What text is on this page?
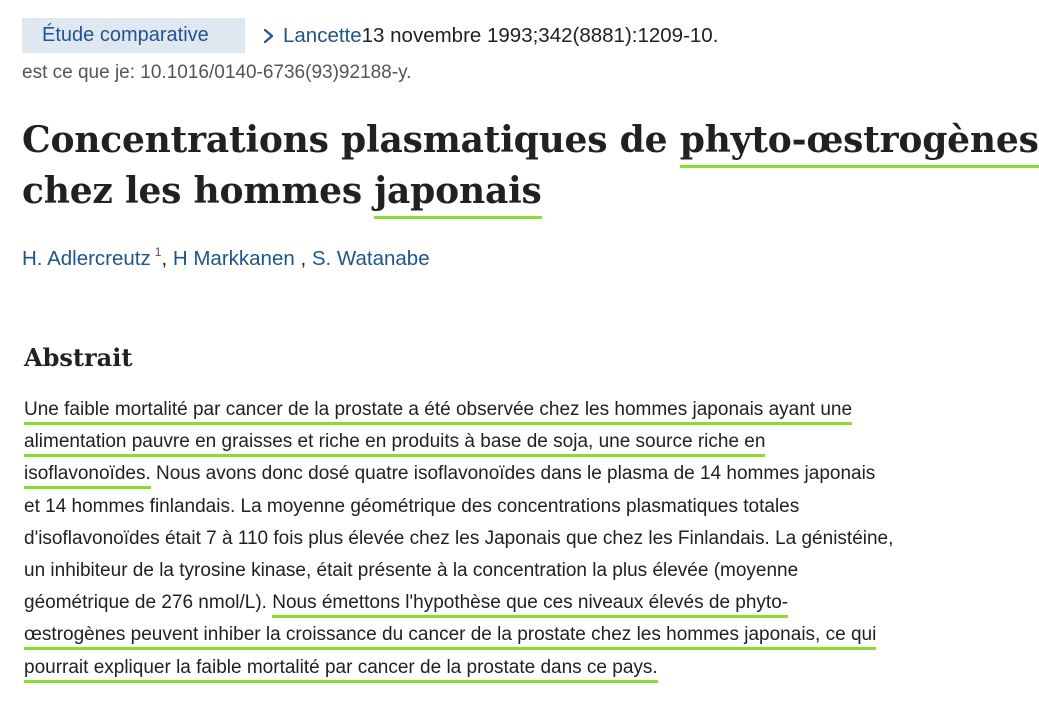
Étude comparative	Lancette 13 novembre 1993;342(8881):1209-10.
est ce que je: 10.1016/0140-6736(93)92188-y.
Concentrations plasmatiques de phyto-œstrogènes
chez les hommes japonais
H. Adlercreutz $^1$, H Markkanen , S. Watanabe
Abstrait

Une faible mortalité par cancer de la prostate a été observée chez les hommes japonais ayant une
alimentation pauvre en graisses et riche en produits à base de soja, une source riche en
isoflavonoïdes. Nous avons donc dosé quatre isoflavonoïdes dans le plasma de 14 hommes japonais
et 14 hommes finlandais. La moyenne géométrique des concentrations plasmatiques totales
d'isoflavonoïdes était 7 à 110 fois plus élevée chez les Japonais que chez les Finlandais. La génistéine,
un inhibiteur de la tyrosine kinase, était présente à la concentration la plus élevée (moyenne
géométrique de 276 nmol/L). Nous émettons l'hypothèse que ces niveaux élevés de phyto-
œstrogènes peuvent inhiber la croissance du cancer de la prostate chez les hommes japonais, ce qui
pourrait expliquer la faible mortalité par cancer de la prostate dans ce pays.
